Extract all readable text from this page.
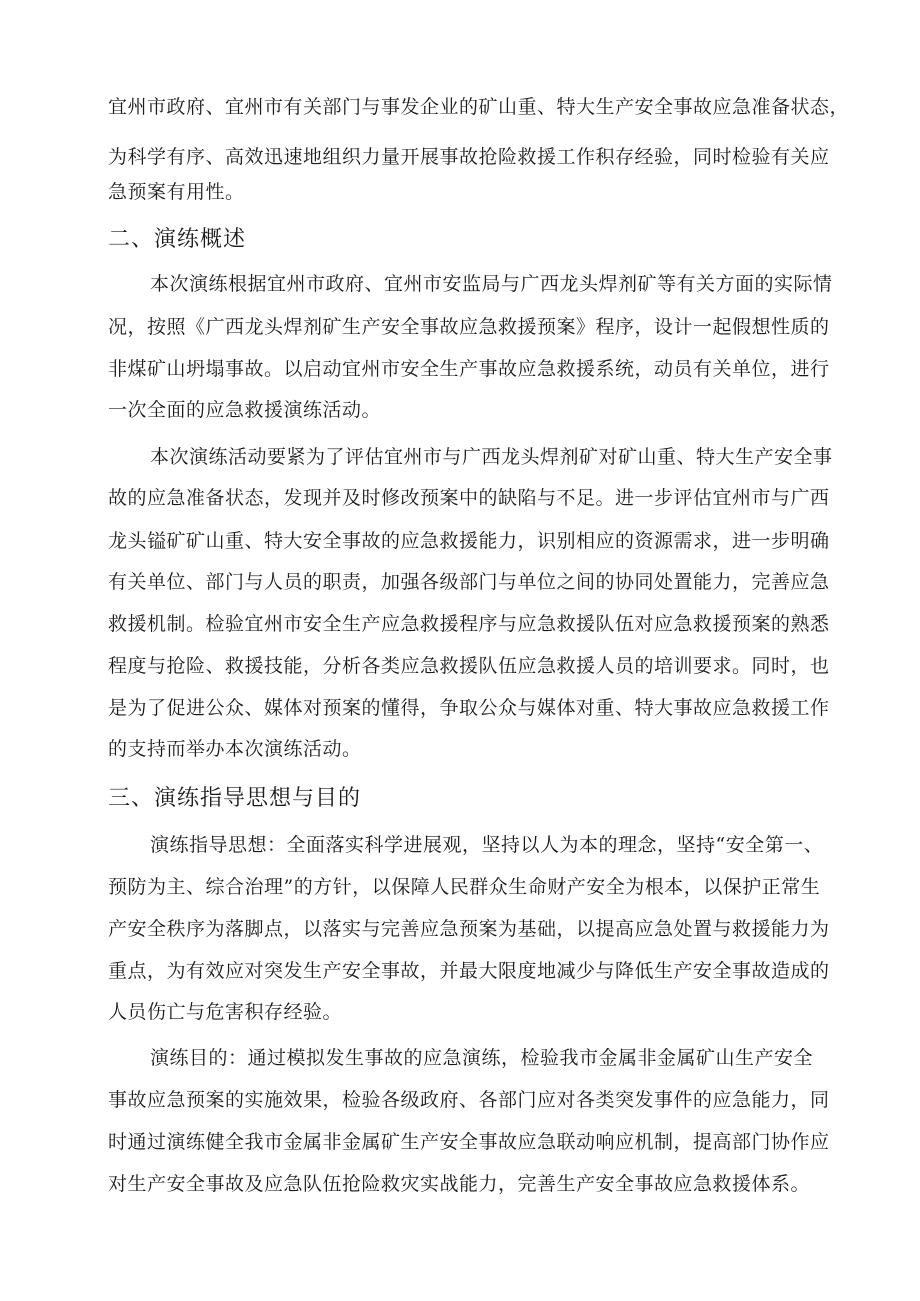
宜州市政府、宜州市有关部门与事发企业的矿山重、特大生产安全事故应急准备状态，
为科学有序、高效迅速地组织力量开展事故抢险救援工作积存经验，同时检验有关应
急预案有用性。
二、演练概述
本次演练根据宜州市政府、宜州市安监局与广西龙头焊剂矿等有关方面的实际情
况，按照《广西龙头焊剂矿生产安全事故应急救援预案》程序，设计一起假想性质的
非煤矿山坍塌事故。以启动宜州市安全生产事故应急救援系统，动员有关单位，进行
一次全面的应急救援演练活动。
本次演练活动要紧为了评估宜州市与广西龙头焊剂矿对矿山重、特大生产安全事
故的应急准备状态，发现并及时修改预案中的缺陷与不足。进一步评估宜州市与广西
龙头镒矿矿山重、特大安全事故的应急救援能力，识别相应的资源需求，进一步明确
有关单位、部门与人员的职责，加强各级部门与单位之间的协同处置能力，完善应急
救援机制。检验宜州市安全生产应急救援程序与应急救援队伍对应急救援预案的熟悉
程度与抢险、救援技能，分析各类应急救援队伍应急救援人员的培训要求。同时，也
是为了促进公众、媒体对预案的懂得，争取公众与媒体对重、特大事故应急救援工作
的支持而举办本次演练活动。
三、演练指导思想与目的
演练指导思想：全面落实科学进展观，坚持以人为本的理念，坚持“安全第一、
预防为主、综合治理”的方针，以保障人民群众生命财产安全为根本，以保护正常生
产安全秩序为落脚点，以落实与完善应急预案为基础，以提高应急处置与救援能力为
重点，为有效应对突发生产安全事故，并最大限度地减少与降低生产安全事故造成的
人员伤亡与危害积存经验。
演练目的：通过模拟发生事故的应急演练，检验我市金属非金属矿山生产安全
事故应急预案的实施效果，检验各级政府、各部门应对各类突发事件的应急能力，同
时通过演练健全我市金属非金属矿生产安全事故应急联动响应机制，提高部门协作应
对生产安全事故及应急队伍抢险救灾实战能力，完善生产安全事故应急救援体系。
